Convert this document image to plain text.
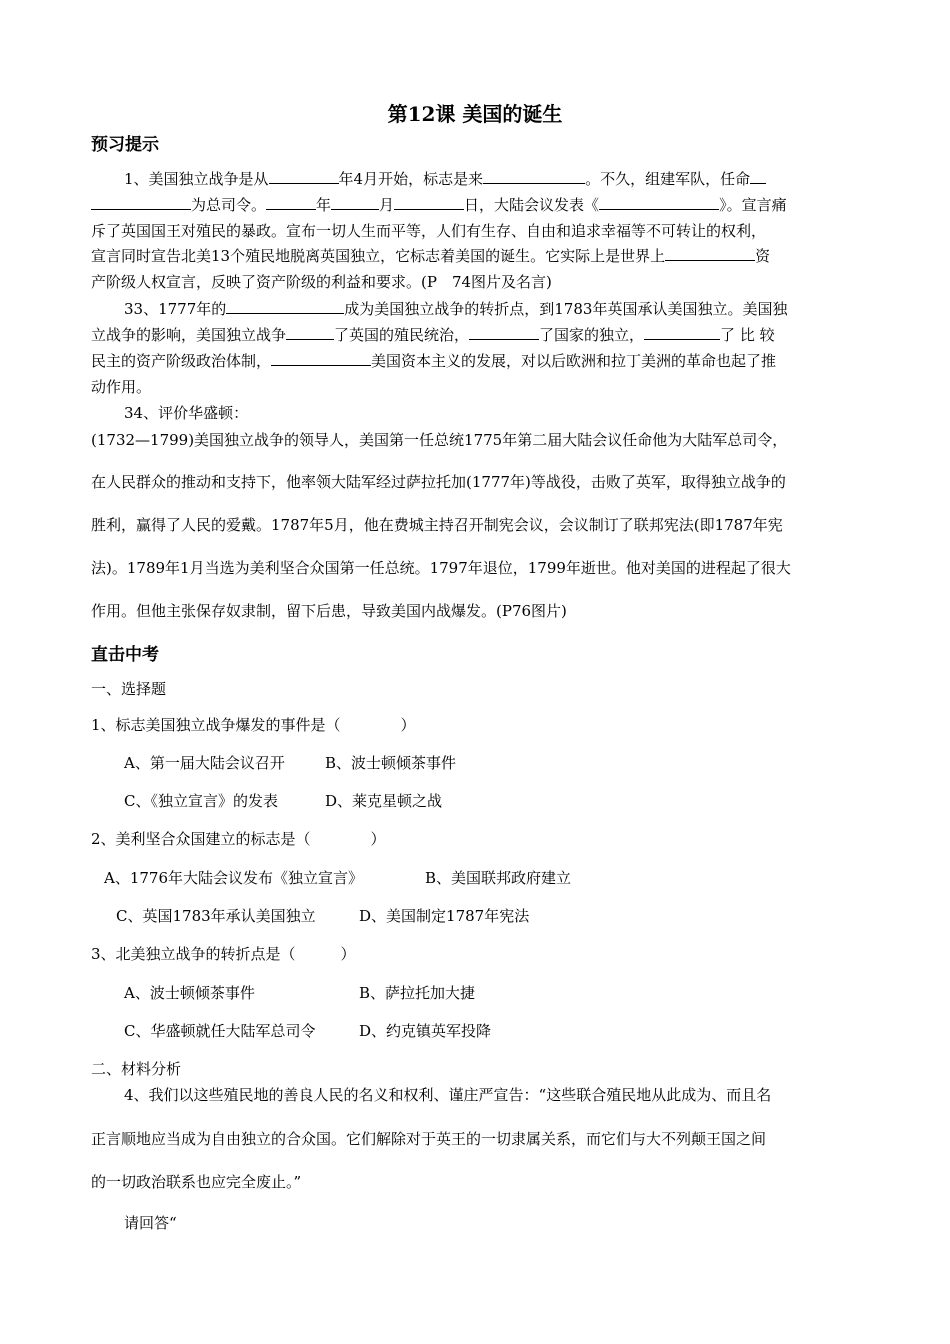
第12课 美国的诞生
预习提示
1、美国独立战争是从	年4月开始，标志是来	。不久，组建军队，任命
为总司令。	年	月	日，大陆会议发表《	》。宣言痛
斥了英国国王对殖民的暴政。宣布一切人生而平等，人们有生存、自由和追求幸福等不可转让的权利，
宣言同时宣告北美13个殖民地脱离英国独立，它标志着美国的诞生。它实际上是世界上	资
产阶级人权宣言，反映了资产阶级的利益和要求。(P　74图片及名言)
33、1777年的	成为美国独立战争的转折点，到1783年英国承认美国独立。美国独
立战争的影响，美国独立战争	了英国的殖民统治，	了国家的独立，	了 比 较
民主的资产阶级政治体制，	美国资本主义的发展，对以后欧洲和拉丁美洲的革命也起了推
动作用。
34、评价华盛顿：
(1732—1799)美国独立战争的领导人，美国第一任总统1775年第二届大陆会议任命他为大陆军总司令，
在人民群众的推动和支持下，他率领大陆军经过萨拉托加(1777年)等战役，击败了英军，取得独立战争的
胜利，赢得了人民的爱戴。1787年5月，他在费城主持召开制宪会议，会议制订了联邦宪法(即1787年宪
法)。1789年1月当选为美利坚合众国第一任总统。1797年退位，1799年逝世。他对美国的进程起了很大
作用。但他主张保存奴隶制，留下后患，导致美国内战爆发。(P76图片)
直击中考
一、选择题
1、标志美国独立战争爆发的事件是（　　　　）
A、第一届大陆会议召开	B、波士顿倾茶事件
C、《独立宣言》的发表	D、莱克星顿之战
2、美利坚合众国建立的标志是（　　　　）
A、1776年大陆会议发布《独立宣言》	B、美国联邦政府建立
C、英国1783年承认美国独立	D、美国制定1787年宪法
3、北美独立战争的转折点是（　　　）
A、波士顿倾茶事件	B、萨拉托加大捷
C、华盛顿就任大陆军总司令	D、约克镇英军投降
二、材料分析
4、我们以这些殖民地的善良人民的名义和权利、谨庄严宣告：“这些联合殖民地从此成为、而且名
正言顺地应当成为自由独立的合众国。它们解除对于英王的一切隶属关系，而它们与大不列颠王国之间
的一切政治联系也应完全废止。”
请回答“
